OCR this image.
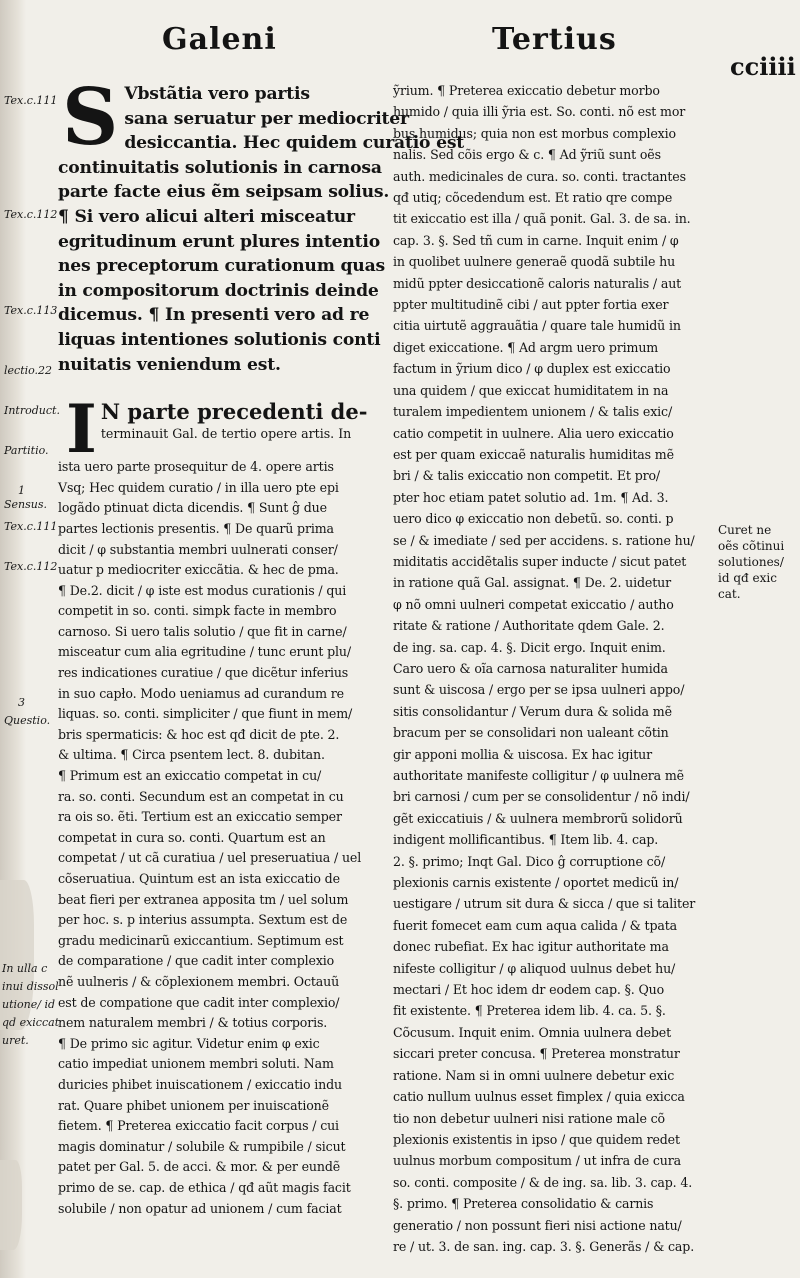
Galeni	Tertius
cciiii
Tex.c.111
Tex.c.112
Tex.c.113
lectio.22
Introduct.
Partitio.
1
Sensus.
Tex.c.111
Tex.c.112
3
Questio.
In ulla c
inui dissol
utione/ id
qd exiccat
uret.
S Vbstãtia vero partis
sana seruatur per mediocriter
desiccantia. Hec quidem curatio est
continuitatis solutionis in carnosa
parte facte eius ẽm seipsam solius.
¶ Si vero alicui alteri misceatur
egritudinum erunt plures intentio
nes preceptorum curationum quas
in compositorum doctrinis deinde
dicemus. ¶ In presenti vero ad re
liquas intentiones solutionis conti
nuitatis veniendum est.
I N parte precedenti de-
terminauit Gal. de tertio opere artis. In
ista uero parte prosequitur de 4. opere artis
Vsq; Hec quidem curatio / in illa uero pte epi
logãdo ptinuat dicta dicendis. ¶ Sunt ĝ due
partes lectionis presentis. ¶ De quarũ prima
dicit / φ substantia membri uulnerati conser/
uatur p mediocriter exiccãtia. & hec de pma.
¶ De.2. dicit / φ iste est modus curationis / qui
competit in so. conti. simpk facte in membro
carnoso. Si uero talis solutio / que fit in carne/
misceatur cum alia egritudine / tunc erunt plu/
res indicationes curatiue / que dicẽtur inferius
in suo capło. Modo ueniamus ad curandum re
liquas. so. conti. simpliciter / que fiunt in mem/
bris spermaticis: & hoc est qđ dicit de pte. 2.
& ultima. ¶ Circa psentem lect. 8. dubitan.
¶ Primum est an exiccatio competat in cu/
ra. so. conti. Secundum est an competat in cu
ra ois so. ẽti. Tertium est an exiccatio semper
competat in cura so. conti. Quartum est an
competat / ut cã curatiua / uel preseruatiua / uel
cõseruatiua. Quintum est an ista exiccatio de
beat fieri per extranea apposita tm / uel solum
per hoc. s. p interius assumpta. Sextum est de
gradu medicinarũ exiccantium. Septimum est
de comparatione / que cadit inter complexio
nẽ uulneris / & cõplexionem membri. Octauũ
est de compatione que cadit inter complexio/
nem naturalem membri / & totius corporis.
¶ De primo sic agitur. Videtur enim φ exic
catio impediat unionem membri soluti. Nam
duricies phibet inuiscationem / exiccatio indu
rat. Quare phibet unionem per inuiscationẽ
fietem. ¶ Preterea exiccatio facit corpus / cui
magis dominatur / solubile & rumpibile / sicut
patet per Gal. 5. de acci. & mor. & per eundẽ
primo de se. cap. de ethica / qđ aũt magis facit
solubile / non opatur ad unionem / cum faciat
ỹrium. ¶ Preterea exiccatio debetur morbo
humido / quia illi ỹria est. So. conti. nõ est mor
bus humidus; quia non est morbus complexio
nalis. Sed cõis ergo & c. ¶ Ad ỹriũ sunt oẽs
auth. medicinales de cura. so. conti. tractantes
qđ utiq; cõcedendum est. Et ratio qre compe
tit exiccatio est illa / quã ponit. Gal. 3. de sa. in.
cap. 3. §. Sed tñ cum in carne. Inquit enim / φ
in quolibet uulnere generaẽ quodã subtile hu
midũ ppter desiccationẽ caloris naturalis / aut
ppter multitudinẽ cibi / aut ppter fortia exer
citia uirtutẽ aggrauãtia / quare tale humidũ in
diget exiccatione. ¶ Ad argm uero primum
factum in ỹrium dico / φ duplex est exiccatio
una quidem / que exiccat humiditatem in na
turalem impedientem unionem / & talis exic/
catio competit in uulnere. Alia uero exiccatio
est per quam exiccaẽ naturalis humiditas mẽ
bri / & talis exiccatio non competit. Et pro/
pter hoc etiam patet solutio ad. 1m. ¶ Ad. 3.
uero dico φ exiccatio non debetũ. so. conti. p
se / & imediate / sed per accidens. s. ratione hu/
miditatis accidẽtalis super inducte / sicut patet
in ratione quã Gal. assignat. ¶ De. 2. uidetur
φ nõ omni uulneri competat exiccatio / autho
ritate & ratione / Authoritate qdem Gale. 2.
de ing. sa. cap. 4. §. Dicit ergo. Inquit enim.
Caro uero & oĩa carnosa naturaliter humida
sunt & uiscosa / ergo per se ipsa uulneri appo/
sitis consolidantur / Verum dura & solida mẽ
bracum per se consolidari non ualeant cõtin
gir apponi mollia & uiscosa. Ex hac igitur
authoritate manifeste colligitur / φ uulnera mẽ
bri carnosi / cum per se consolidentur / nõ indi/
gẽt exiccatiuis / & uulnera membrorũ solidorũ
indigent mollificantibus. ¶ Item lib. 4. cap.
2. §. primo; Inqt Gal. Dico ĝ corruptione cõ/
plexionis carnis existente / oportet medicũ in/
uestigare / utrum sit dura & sicca / que si taliter
fuerit fomecet eam cum aqua calida / & tpata
donec rubefiat. Ex hac igitur authoritate ma
nifeste colligitur / φ aliquod uulnus debet hu/
mectari / Et hoc idem dr eodem cap. §. Quo
fit existente. ¶ Preterea idem lib. 4. ca. 5. §.
Cõcusum. Inquit enim. Omnia uulnera debet
siccari preter concusa. ¶ Preterea monstratur
ratione. Nam si in omni uulnere debetur exic
catio nullum uulnus esset fimplex / quia exicca
tio non debetur uulneri nisi ratione male cõ
plexionis existentis in ipso / que quidem redet
uulnus morbum compositum / ut infra de cura
so. conti. composite / & de ing. sa. lib. 3. cap. 4.
§. primo. ¶ Preterea consolidatio & carnis
generatio / non possunt fieri nisi actione natu/
re / ut. 3. de san. ing. cap. 3. §. Generãs / & cap.
Curet ne
oẽs cõtinui
solutiones/
id qđ exic
cat.
